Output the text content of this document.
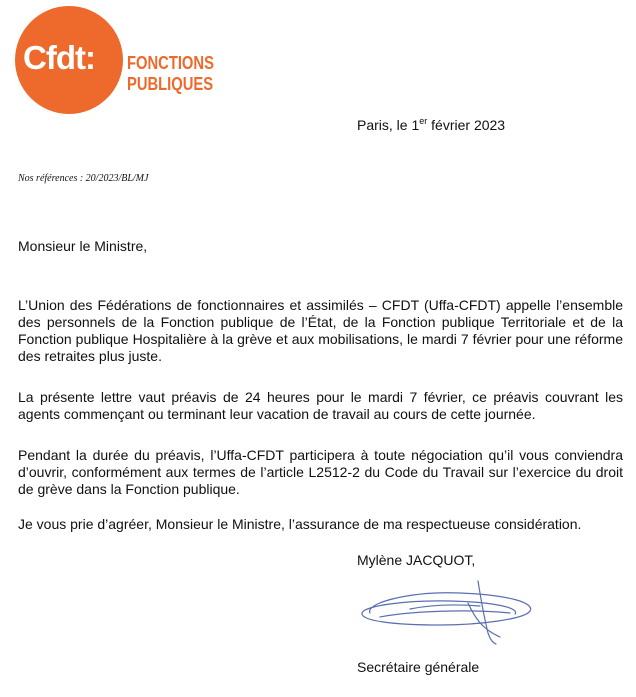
Cfdt: FONCTIONS
PUBLIQUES
Paris, le 1er février 2023
Nos références : 20/2023/BL/MJ
Monsieur le Ministre,
L’Union des Fédérations de fonctionnaires et assimilés – CFDT (Uffa-CFDT) appelle l’ensemble des personnels de la Fonction publique de l’État, de la Fonction publique Territoriale et de la Fonction publique Hospitalière à la grève et aux mobilisations, le mardi 7 février pour une réforme des retraites plus juste.
La présente lettre vaut préavis de 24 heures pour le mardi 7 février, ce préavis couvrant les agents commençant ou terminant leur vacation de travail au cours de cette journée.
Pendant la durée du préavis, l’Uffa-CFDT participera à toute négociation qu’il vous conviendra d’ouvrir, conformément aux termes de l’article L2512-2 du Code du Travail sur l’exercice du droit de grève dans la Fonction publique.
Je vous prie d’agréer, Monsieur le Ministre, l’assurance de ma respectueuse considération.
Mylène JACQUOT,
Secrétaire générale
